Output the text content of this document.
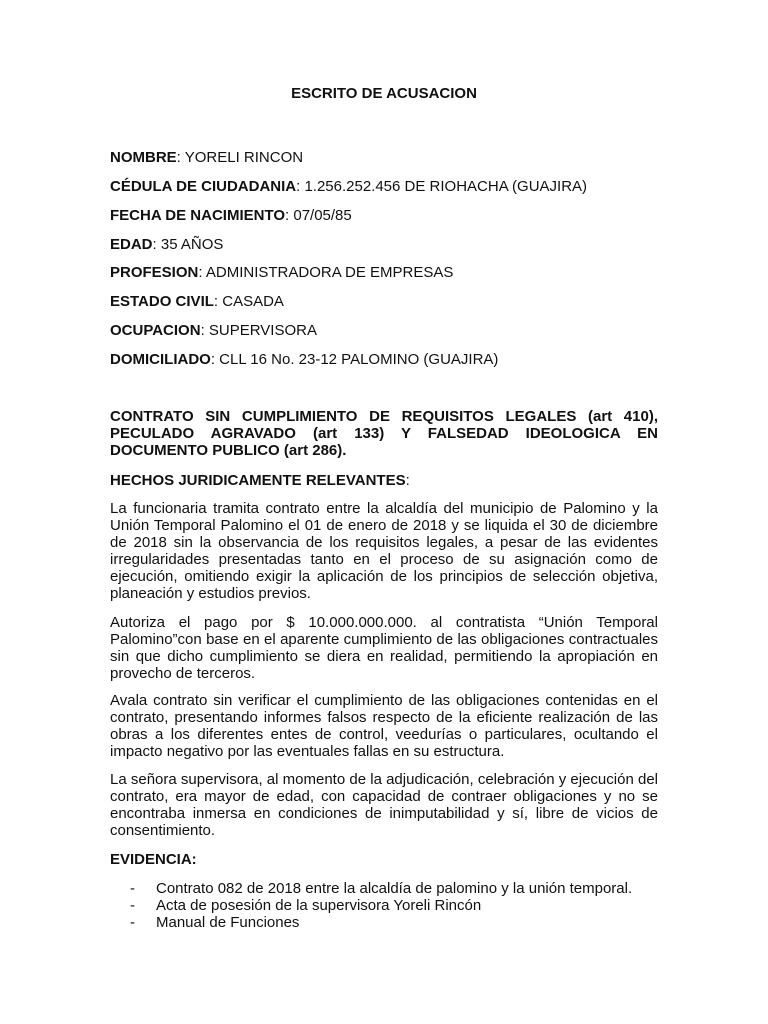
ESCRITO DE ACUSACION

NOMBRE: YORELI RINCON

CÉDULA DE CIUDADANIA: 1.256.252.456 DE RIOHACHA (GUAJIRA)

FECHA DE NACIMIENTO: 07/05/85

EDAD: 35 AÑOS

PROFESION: ADMINISTRADORA DE EMPRESAS

ESTADO CIVIL: CASADA

OCUPACION: SUPERVISORA

DOMICILIADO: CLL 16 No. 23-12 PALOMINO (GUAJIRA)

CONTRATO SIN CUMPLIMIENTO DE REQUISITOS LEGALES (art 410), PECULADO AGRAVADO (art 133) Y FALSEDAD IDEOLOGICA EN DOCUMENTO PUBLICO (art 286).

HECHOS JURIDICAMENTE RELEVANTES:

La funcionaria tramita contrato entre la alcaldía del municipio de Palomino y la Unión Temporal Palomino el 01 de enero de 2018 y se liquida el 30 de diciembre de 2018 sin la observancia de los requisitos legales, a pesar de las evidentes irregularidades presentadas tanto en el proceso de su asignación como de ejecución, omitiendo exigir la aplicación de los principios de selección objetiva, planeación y estudios previos.

Autoriza el pago por $ 10.000.000.000. al contratista “Unión Temporal Palomino”con base en el aparente cumplimiento de las obligaciones contractuales sin que dicho cumplimiento se diera en realidad, permitiendo la apropiación en provecho de terceros.

Avala contrato sin verificar el cumplimiento de las obligaciones contenidas en el contrato, presentando informes falsos respecto de la eficiente realización de las obras a los diferentes entes de control, veedurías o particulares, ocultando el impacto negativo por las eventuales fallas en su estructura.

La señora supervisora, al momento de la adjudicación, celebración y ejecución del contrato, era mayor de edad, con capacidad de contraer obligaciones y no se encontraba inmersa en condiciones de inimputabilidad y sí, libre de vicios de consentimiento.

EVIDENCIA:

- Contrato 082 de 2018 entre la alcaldía de palomino y la unión temporal.
- Acta de posesión de la supervisora Yoreli Rincón
- Manual de Funciones
